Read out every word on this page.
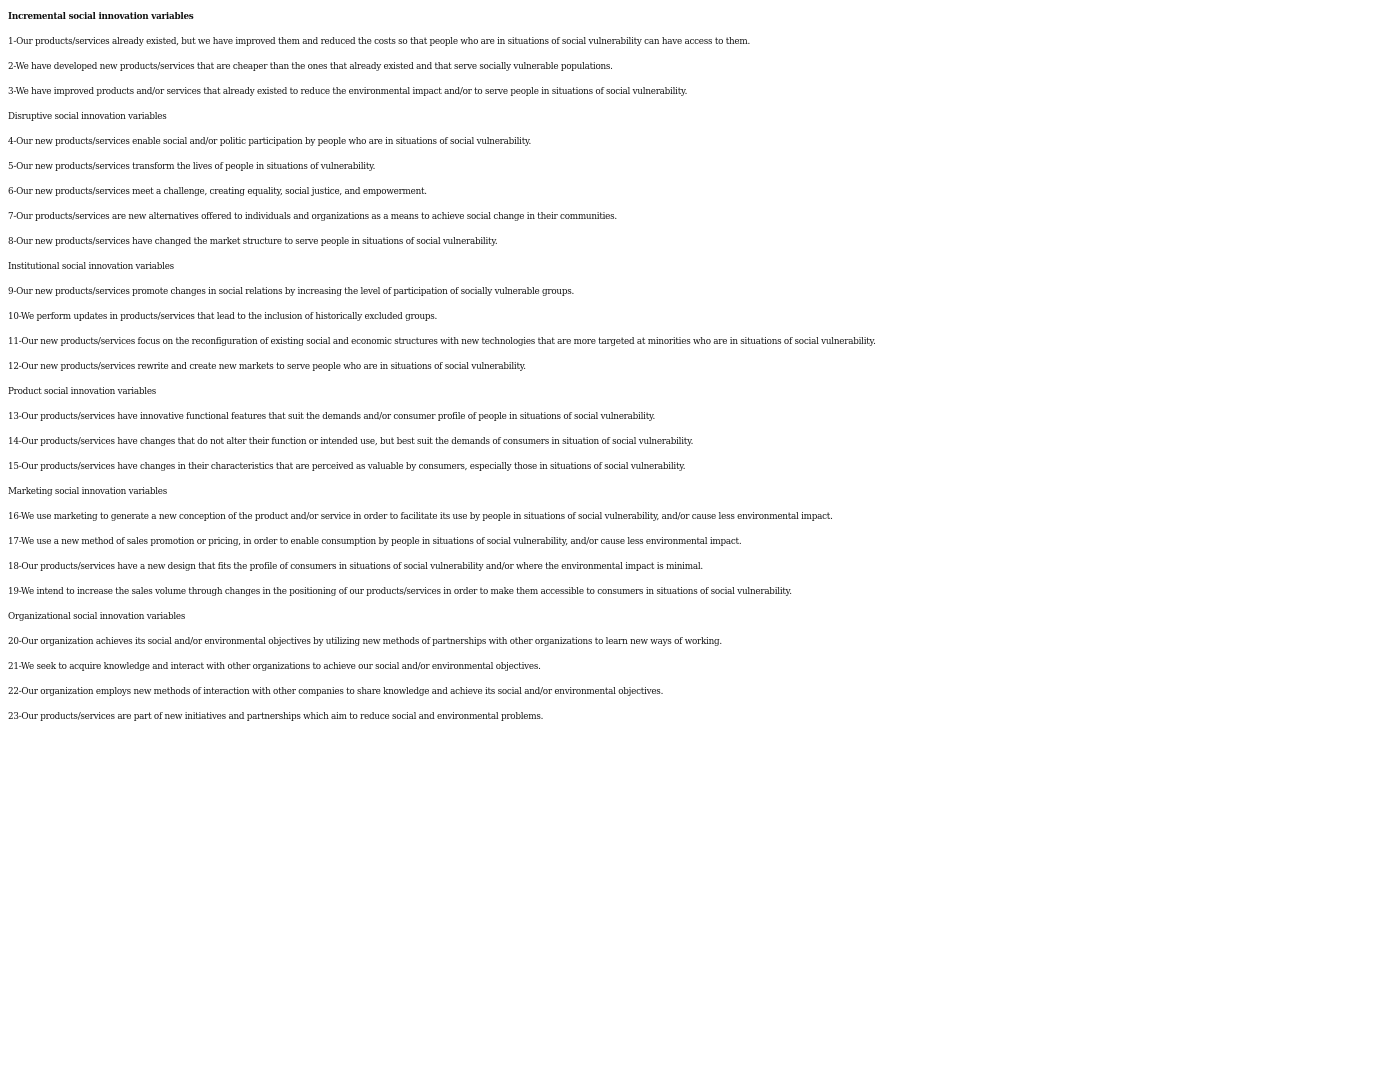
Incremental social innovation variables
1-Our products/services already existed, but we have improved them and reduced the costs so that people who are in situations of social vulnerability can have access to them.
2-We have developed new products/services that are cheaper than the ones that already existed and that serve socially vulnerable populations.
3-We have improved products and/or services that already existed to reduce the environmental impact and/or to serve people in situations of social vulnerability.
Disruptive social innovation variables
4-Our new products/services enable social and/or politic participation by people who are in situations of social vulnerability.
5-Our new products/services transform the lives of people in situations of vulnerability.
6-Our new products/services meet a challenge, creating equality, social justice, and empowerment.
7-Our products/services are new alternatives offered to individuals and organizations as a means to achieve social change in their communities.
8-Our new products/services have changed the market structure to serve people in situations of social vulnerability.
Institutional social innovation variables
9-Our new products/services promote changes in social relations by increasing the level of participation of socially vulnerable groups.
10-We perform updates in products/services that lead to the inclusion of historically excluded groups.
11-Our new products/services focus on the reconfiguration of existing social and economic structures with new technologies that are more targeted at minorities who are in situations of social vulnerability.
12-Our new products/services rewrite and create new markets to serve people who are in situations of social vulnerability.
Product social innovation variables
13-Our products/services have innovative functional features that suit the demands and/or consumer profile of people in situations of social vulnerability.
14-Our products/services have changes that do not alter their function or intended use, but best suit the demands of consumers in situation of social vulnerability.
15-Our products/services have changes in their characteristics that are perceived as valuable by consumers, especially those in situations of social vulnerability.
Marketing social innovation variables
16-We use marketing to generate a new conception of the product and/or service in order to facilitate its use by people in situations of social vulnerability, and/or cause less environmental impact.
17-We use a new method of sales promotion or pricing, in order to enable consumption by people in situations of social vulnerability, and/or cause less environmental impact.
18-Our products/services have a new design that fits the profile of consumers in situations of social vulnerability and/or where the environmental impact is minimal.
19-We intend to increase the sales volume through changes in the positioning of our products/services in order to make them accessible to consumers in situations of social vulnerability.
Organizational social innovation variables
20-Our organization achieves its social and/or environmental objectives by utilizing new methods of partnerships with other organizations to learn new ways of working.
21-We seek to acquire knowledge and interact with other organizations to achieve our social and/or environmental objectives.
22-Our organization employs new methods of interaction with other companies to share knowledge and achieve its social and/or environmental objectives.
23-Our products/services are part of new initiatives and partnerships which aim to reduce social and environmental problems.
